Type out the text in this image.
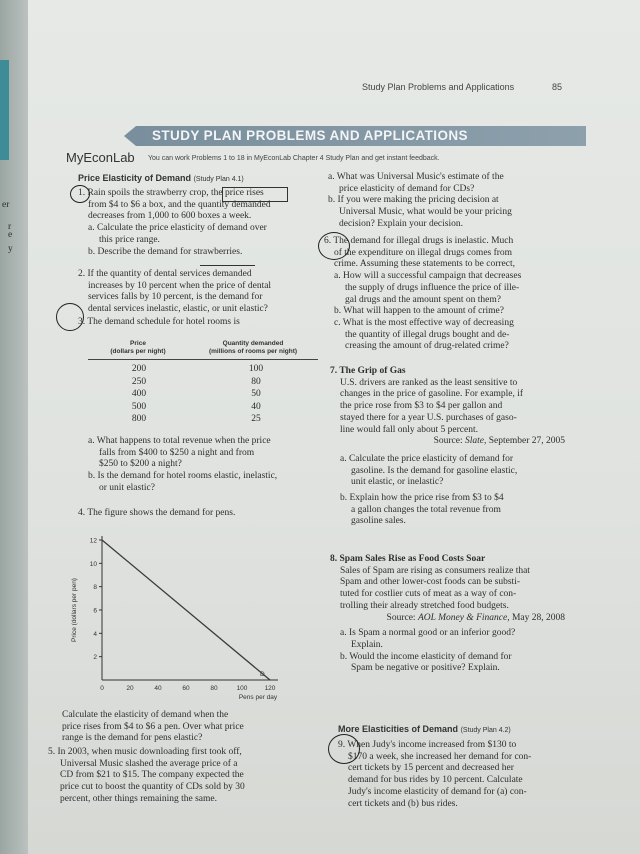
er
r
e
y
Study Plan Problems and Applications	85
STUDY PLAN PROBLEMS AND APPLICATIONS
MyEconLab You can work Problems 1 to 18 in MyEconLab Chapter 4 Study Plan and get instant feedback.
Price Elasticity of Demand (Study Plan 4.1)

1. Rain spoils the strawberry crop, the price rises

from $4 to $6 a box, and the quantity demanded

decreases from 1,000 to 600 boxes a week.

a. Calculate the price elasticity of demand over

this price range.

b. Describe the demand for strawberries.

2. If the quantity of dental services demanded

increases by 10 percent when the price of dental

services falls by 10 percent, is the demand for

dental services inelastic, elastic, or unit elastic?

3. The demand schedule for hotel rooms is

Price
(dollars per night)
Quantity demanded
(millions of rooms per night)
200	100
250	80
400	50
500	40
800	25

a. What happens to total revenue when the price

falls from $400 to $250 a night and from

$250 to $200 a night?

b. Is the demand for hotel rooms elastic, inelastic,

or unit elastic?

4. The figure shows the demand for pens.

2
4
6
8
10
12
0	20	40	60	80	100	120
D
Pens per day
Price (dollars per pen)

Calculate the elasticity of demand when the

price rises from $4 to $6 a pen. Over what price

range is the demand for pens elastic?

5. In 2003, when music downloading first took off,

Universal Music slashed the average price of a

CD from $21 to $15. The company expected the

price cut to boost the quantity of CDs sold by 30

percent, other things remaining the same.

a. What was Universal Music's estimate of the

price elasticity of demand for CDs?

b. If you were making the pricing decision at

Universal Music, what would be your pricing

decision? Explain your decision.

6. The demand for illegal drugs is inelastic. Much

of the expenditure on illegal drugs comes from

crime. Assuming these statements to be correct,

a. How will a successful campaign that decreases

the supply of drugs influence the price of ille-

gal drugs and the amount spent on them?

b. What will happen to the amount of crime?

c. What is the most effective way of decreasing

the quantity of illegal drugs bought and de-

creasing the amount of drug-related crime?

7. The Grip of Gas

U.S. drivers are ranked as the least sensitive to

changes in the price of gasoline. For example, if

the price rose from $3 to $4 per gallon and

stayed there for a year U.S. purchases of gaso-

line would fall only about 5 percent.

Source: Slate, September 27, 2005

a. Calculate the price elasticity of demand for

gasoline. Is the demand for gasoline elastic,

unit elastic, or inelastic?

b. Explain how the price rise from $3 to $4

a gallon changes the total revenue from

gasoline sales.

8. Spam Sales Rise as Food Costs Soar

Sales of Spam are rising as consumers realize that

Spam and other lower-cost foods can be substi-

tuted for costlier cuts of meat as a way of con-

trolling their already stretched food budgets.

Source: AOL Money & Finance, May 28, 2008

a. Is Spam a normal good or an inferior good?

Explain.

b. Would the income elasticity of demand for

Spam be negative or positive? Explain.

More Elasticities of Demand (Study Plan 4.2)

9. When Judy's income increased from $130 to

$170 a week, she increased her demand for con-

cert tickets by 15 percent and decreased her

demand for bus rides by 10 percent. Calculate

Judy's income elasticity of demand for (a) con-

cert tickets and (b) bus rides.
